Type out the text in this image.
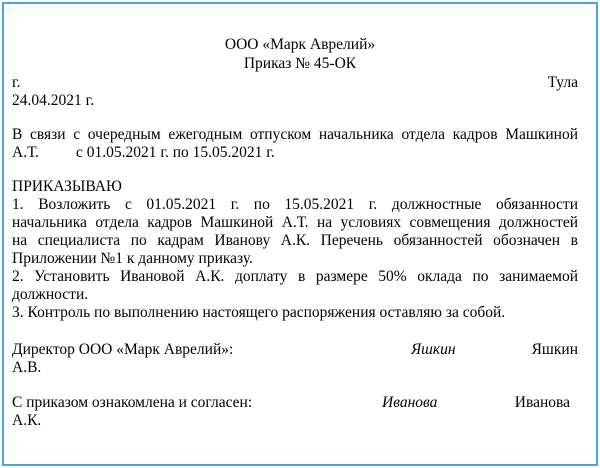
ООО «Марк Аврелий»
Приказ № 45-ОК
г.	Тула
24.04.2021 г.
В связи с очередным ежегодным отпуском начальника отдела кадров Машкиной
А.Т. с 01.05.2021 г. по 15.05.2021 г.
ПРИКАЗЫВАЮ
1. Возложить с 01.05.2021 г. по 15.05.2021 г. должностные обязанности
начальника отдела кадров Машкиной А.Т. на условиях совмещения должностей
на специалиста по кадрам Иванову А.К. Перечень обязанностей обозначен в
Приложении №1 к данному приказу.
2. Установить Ивановой А.К. доплату в размере 50% оклада по занимаемой
должности.
3. Контроль по выполнению настоящего распоряжения оставляю за собой.
Директор ООО «Марк Аврелий»:	Яшкин	Яшкин
А.В.
С приказом ознакомлена и согласен:	Иванова	Иванова
А.К.
